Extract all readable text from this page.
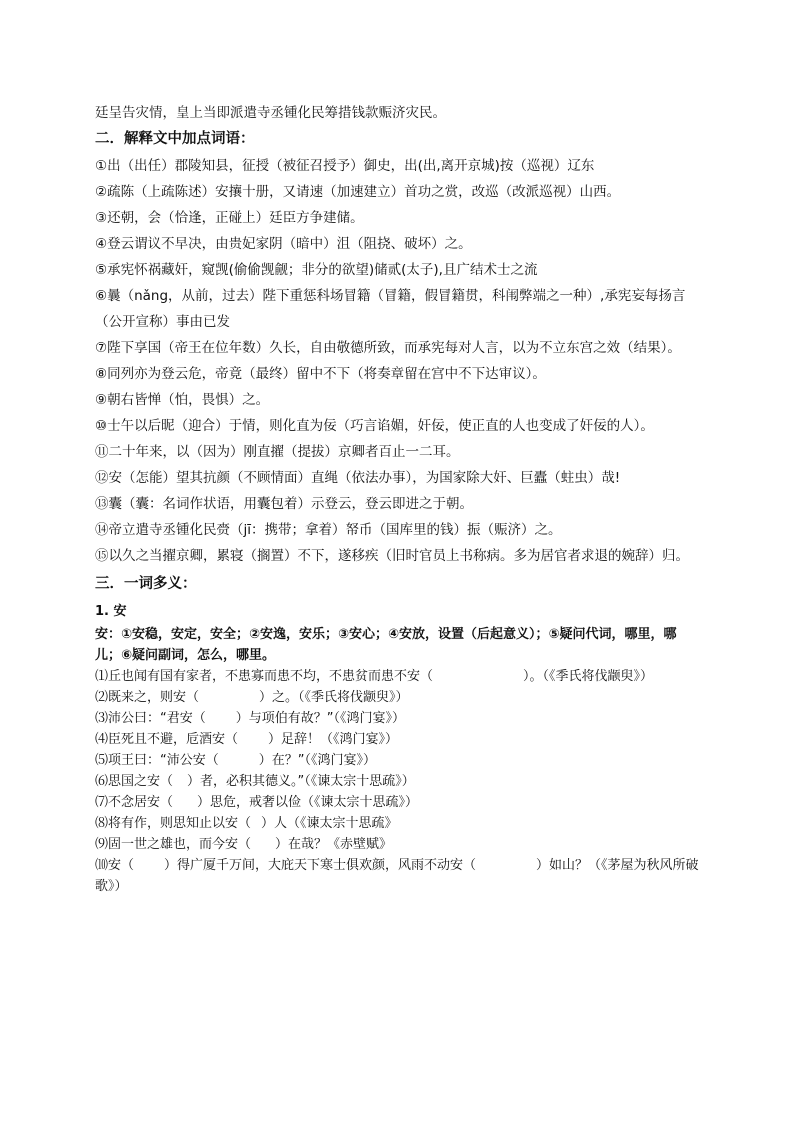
廷呈告灾情，皇上当即派遣寺丞锺化民筹措钱款赈济灾民。
二．解释文中加点词语：
①出（出任）郡陵知县，征授（被征召授予）御史，出(出,离开京城)按（巡视）辽东
②疏陈（上疏陈述）安攘十册，又请速（加速建立）首功之赏，改巡（改派巡视）山西。
③还朝，会（恰逢，正碰上）廷臣方争建储。
④登云谓议不早决，由贵妃家阴（暗中）沮（阻挠、破坏）之。
⑤承宪怀祸藏奸，窥觊(偷偷觊觎；非分的欲望)储贰(太子),且广结术士之流
⑥曩（nǎng，从前，过去）陛下重惩科场冒籍（冒籍，假冒籍贯，科闱弊端之一种）,承宪妄每扬言（公开宣称）事由已发
⑦陛下享国（帝王在位年数）久长，自由敬德所致，而承宪每对人言，以为不立东宫之效（结果）。
⑧同列亦为登云危，帝竟（最终）留中不下（将奏章留在宫中不下达审议）。
⑨朝右皆惮（怕，畏惧）之。
⑩士午以后昵（迎合）于情，则化直为佞（巧言谄媚，奸佞，使正直的人也变成了奸佞的人）。
⑪二十年来，以（因为）刚直擢（提拔）京卿者百止一二耳。
⑫安（怎能）望其抗颜（不顾情面）直绳（依法办事），为国家除大奸、巨蠹（蛀虫）哉!
⑬囊（囊：名词作状语，用囊包着）示登云，登云即进之于朝。
⑭帝立遣寺丞锺化民赍（jī：携带；拿着）帑币（国库里的钱）振（赈济）之。
⑮以久之当擢京卿，累寝（搁置）不下，遂移疾（旧时官员上书称病。多为居官者求退的婉辞）归。
三．一词多义：
1. 安
安：①安稳，安定，安全；②安逸，安乐；③安心；④安放，设置（后起意义）；⑤疑问代词，哪里，哪儿；⑥疑问副词，怎么，哪里。
⑴丘也闻有国有家者，不患寡而患不均，不患贫而患不安（	）。（《季氏将伐颛臾》）
⑵既来之，则安（	）之。（《季氏将伐颛臾》）
⑶沛公曰：“君安（ ）与项伯有故？”（《鸿门宴》）
⑷臣死且不避，卮酒安（ ）足辞！（《鸿门宴》）
⑸项王曰：“沛公安（	）在？”（《鸿门宴》）
⑹思国之安（ ）者，必积其德义。”（《谏太宗十思疏》）
⑺不念居安（ ）思危，戒奢以俭（《谏太宗十思疏》）
⑻将有作，则思知止以安（ ）人（《谏太宗十思疏》
⑼固一世之雄也，而今安（ ）在哉？《赤壁赋》
⑽安（ ）得广厦千万间，大庇天下寒士俱欢颜，风雨不动安（	）如山？（《茅屋为秋风所破歌》）
